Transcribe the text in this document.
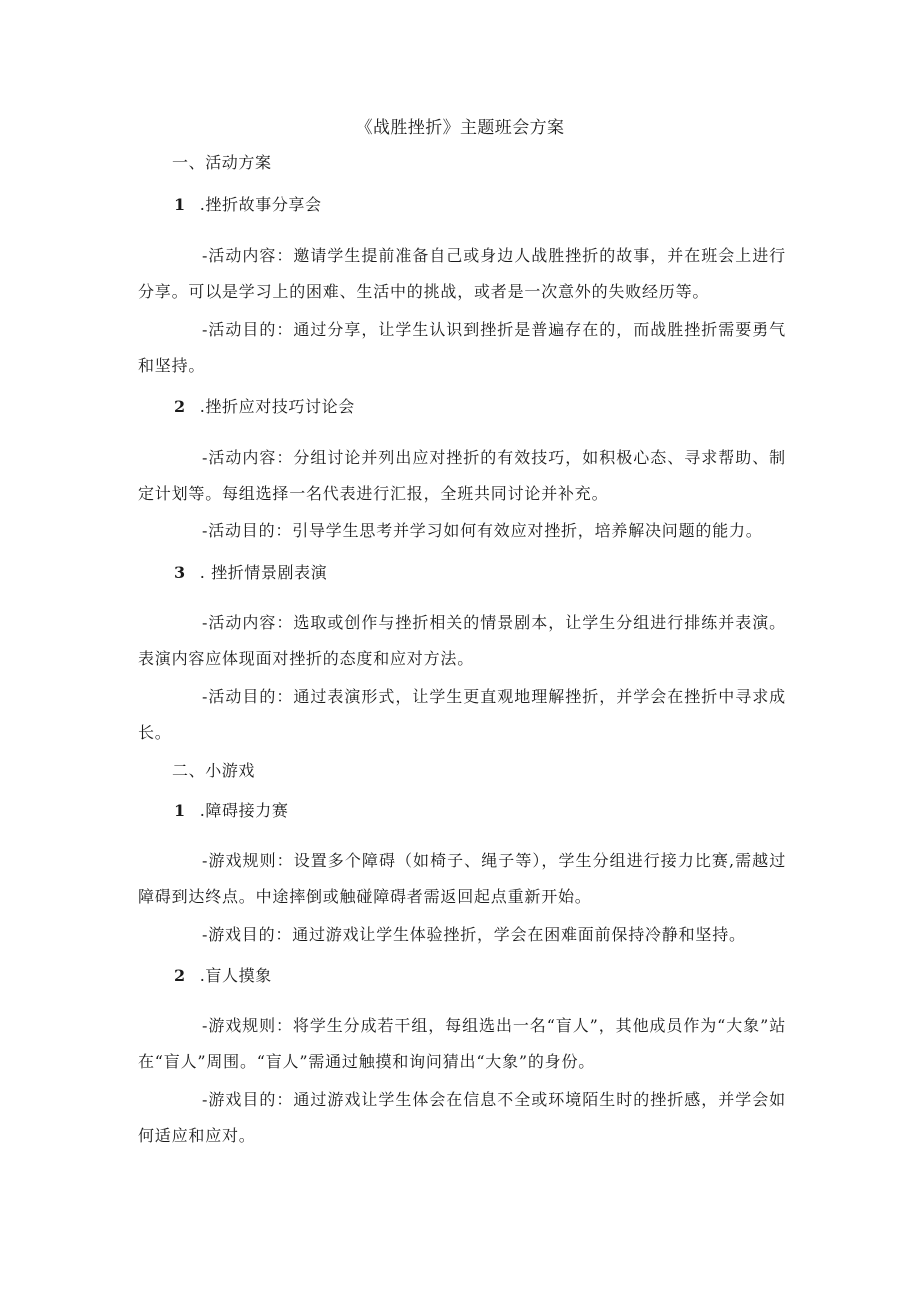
《战胜挫折》主题班会方案
一、活动方案
1 .挫折故事分享会
-活动内容：邀请学生提前准备自己或身边人战胜挫折的故事，并在班会上进行分享。可以是学习上的困难、生活中的挑战，或者是一次意外的失败经历等。
-活动目的：通过分享，让学生认识到挫折是普遍存在的，而战胜挫折需要勇气和坚持。
2 .挫折应对技巧讨论会
-活动内容：分组讨论并列出应对挫折的有效技巧，如积极心态、寻求帮助、制定计划等。每组选择一名代表进行汇报，全班共同讨论并补充。
-活动目的：引导学生思考并学习如何有效应对挫折，培养解决问题的能力。
3 . 挫折情景剧表演
-活动内容：选取或创作与挫折相关的情景剧本，让学生分组进行排练并表演。表演内容应体现面对挫折的态度和应对方法。
-活动目的：通过表演形式，让学生更直观地理解挫折，并学会在挫折中寻求成长。
二、小游戏
1 .障碍接力赛
-游戏规则：设置多个障碍（如椅子、绳子等），学生分组进行接力比赛,需越过障碍到达终点。中途摔倒或触碰障碍者需返回起点重新开始。
-游戏目的：通过游戏让学生体验挫折，学会在困难面前保持冷静和坚持。
2 .盲人摸象
-游戏规则：将学生分成若干组，每组选出一名“盲人”，其他成员作为“大象”站在“盲人”周围。“盲人”需通过触摸和询问猜出“大象”的身份。
-游戏目的：通过游戏让学生体会在信息不全或环境陌生时的挫折感，并学会如何适应和应对。
